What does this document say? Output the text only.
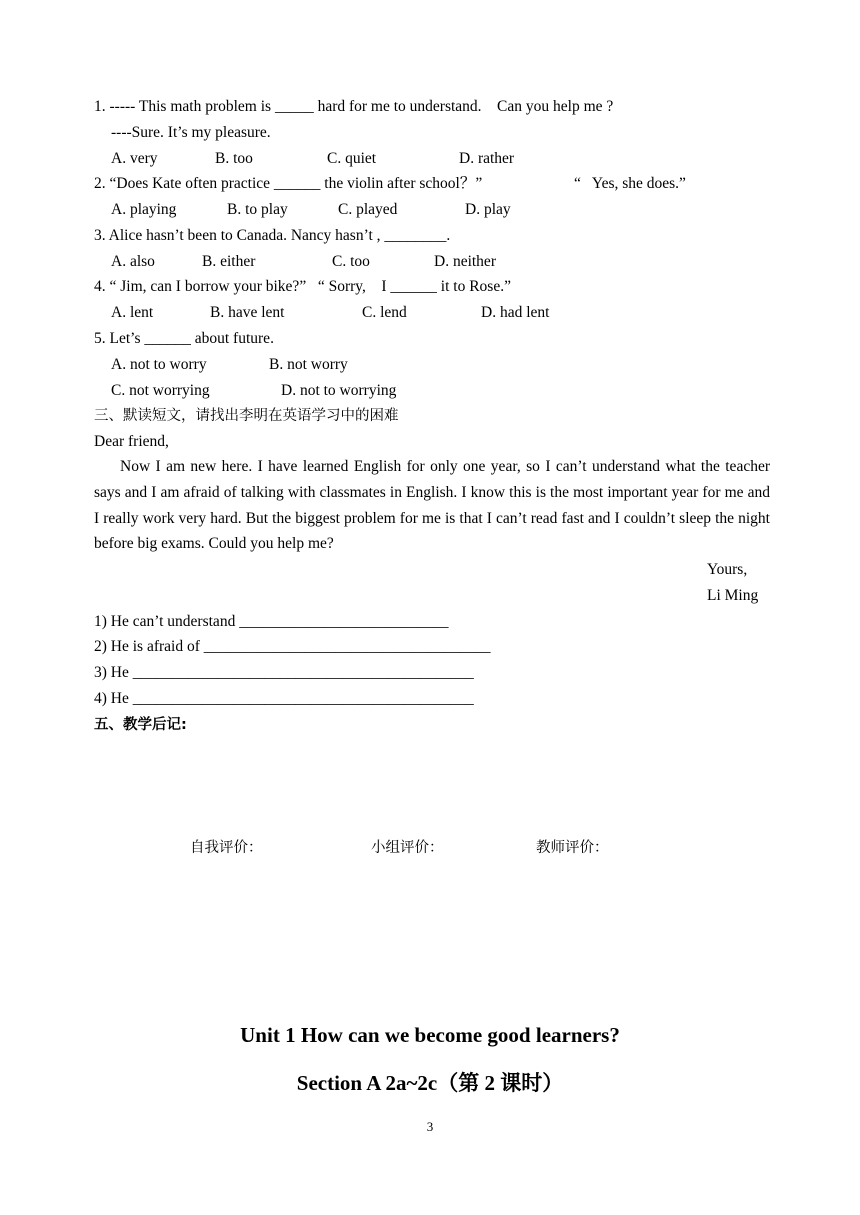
1. ----- This math problem is _____ hard for me to understand.    Can you help me ?
----Sure. It’s my pleasure.
A. very	B. too	C. quiet	D. rather
2. “Does Kate often practice ______ the violin after school？”	“   Yes, she does.”
A. playing	B. to play	C. played	D. play
3. Alice hasn’t been to Canada. Nancy hasn’t , ________.
A. also	B. either	C. too	D. neither
4. “ Jim, can I borrow your bike?”   “ Sorry,    I ______ it to Rose.”
A. lent	B. have lent	C. lend	D. had lent
5. Let’s ______ about future.
A. not to worry	B. not worry
C. not worrying	D. not to worrying
三、默读短文，请找出李明在英语学习中的困难
Dear friend,

Now I am new here. I have learned English for only one year, so I can’t understand what the teacher says and I am afraid of talking with classmates in English. I know this is the most important year for me and I really work very hard. But the biggest problem for me is that I can’t read fast and I couldn’t sleep the night before big exams. Could you help me?

Yours,
Li Ming
1) He can’t understand ___________________________
2) He is afraid of _____________________________________
3) He ____________________________________________
4) He ____________________________________________
五、教学后记:
自我评价：	小组评价：	教师评价：
Unit 1 How can we become good learners?
Section A 2a~2c（第 2 课时）
3
